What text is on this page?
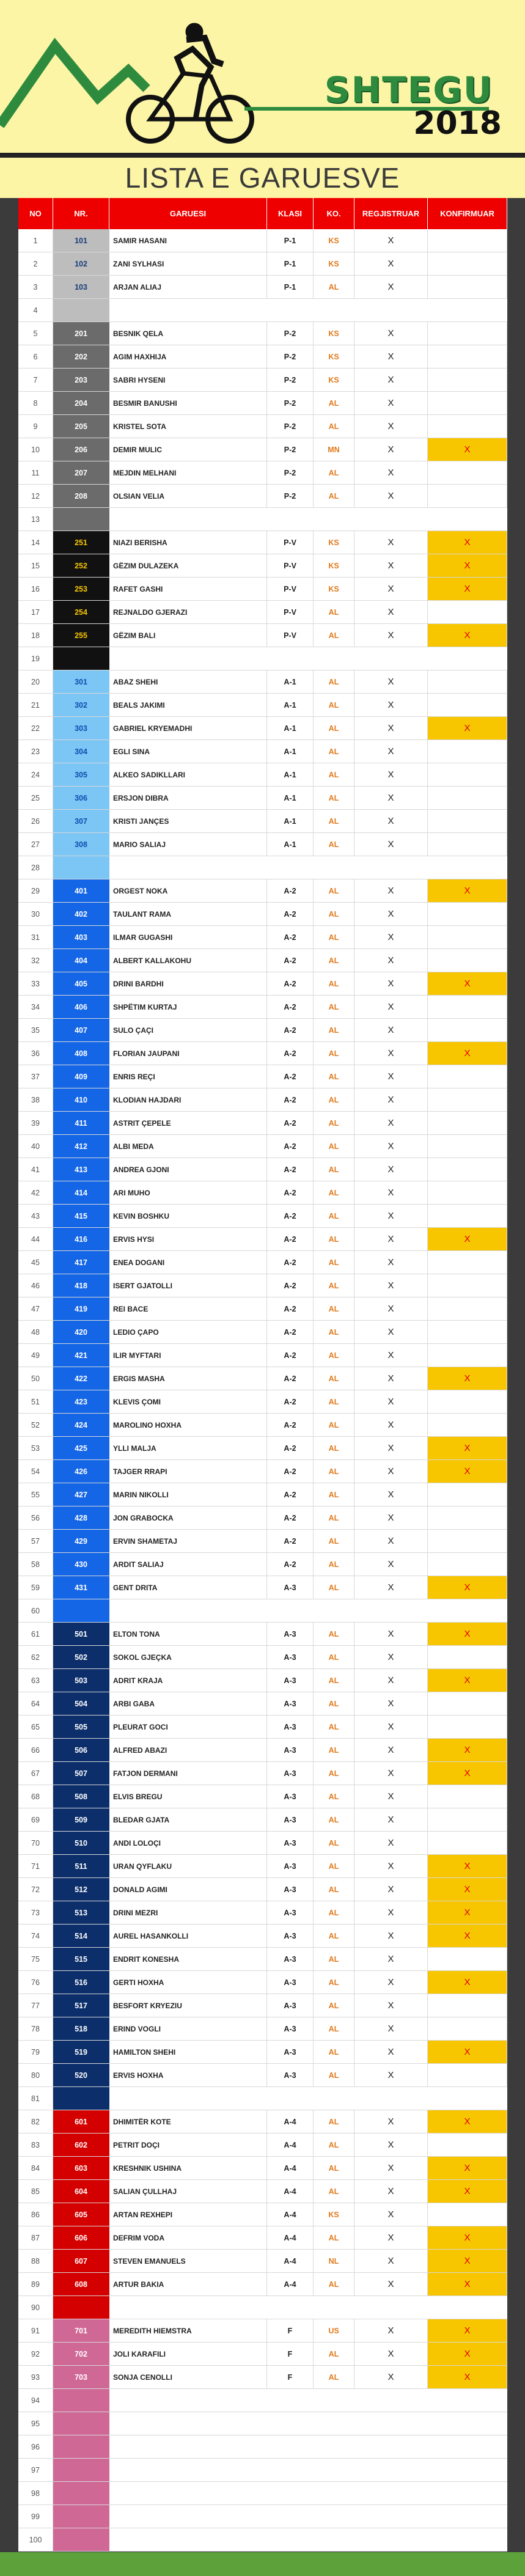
SHTEGU
2018
LISTA E GARUESVE
NO	NR.	GARUESI	KLASI	KO.	REGJISTRUAR	KONFIRMUAR
1	101	SAMIR HASANI	P-1	KS	X
2	102	ZANI SYLHASI	P-1	KS	X
3	103	ARJAN ALIAJ	P-1	AL	X
4
5	201	BESNIK QELA	P-2	KS	X
6	202	AGIM HAXHIJA	P-2	KS	X
7	203	SABRI HYSENI	P-2	KS	X
8	204	BESMIR BANUSHI	P-2	AL	X
9	205	KRISTEL SOTA	P-2	AL	X
10	206	DEMIR MULIC	P-2	MN	X	X
11	207	MEJDIN MELHANI	P-2	AL	X
12	208	OLSIAN VELIA	P-2	AL	X
13
14	251	NIAZI BERISHA	P-V	KS	X	X
15	252	GËZIM DULAZEKA	P-V	KS	X	X
16	253	RAFET GASHI	P-V	KS	X	X
17	254	REJNALDO GJERAZI	P-V	AL	X
18	255	GËZIM BALI	P-V	AL	X	X
19
20	301	ABAZ SHEHI	A-1	AL	X
21	302	BEALS JAKIMI	A-1	AL	X
22	303	GABRIEL KRYEMADHI	A-1	AL	X	X
23	304	EGLI SINA	A-1	AL	X
24	305	ALKEO SADIKLLARI	A-1	AL	X
25	306	ERSJON DIBRA	A-1	AL	X
26	307	KRISTI JANÇES	A-1	AL	X
27	308	MARIO SALIAJ	A-1	AL	X
28
29	401	ORGEST NOKA	A-2	AL	X	X
30	402	TAULANT RAMA	A-2	AL	X
31	403	ILMAR GUGASHI	A-2	AL	X
32	404	ALBERT KALLAKOHU	A-2	AL	X
33	405	DRINI BARDHI	A-2	AL	X	X
34	406	SHPËTIM KURTAJ	A-2	AL	X
35	407	SULO ÇAÇI	A-2	AL	X
36	408	FLORIAN JAUPANI	A-2	AL	X	X
37	409	ENRIS REÇI	A-2	AL	X
38	410	KLODIAN HAJDARI	A-2	AL	X
39	411	ASTRIT ÇEPELE	A-2	AL	X
40	412	ALBI MEDA	A-2	AL	X
41	413	ANDREA GJONI	A-2	AL	X
42	414	ARI MUHO	A-2	AL	X
43	415	KEVIN BOSHKU	A-2	AL	X
44	416	ERVIS HYSI	A-2	AL	X	X
45	417	ENEA DOGANI	A-2	AL	X
46	418	ISERT GJATOLLI	A-2	AL	X
47	419	REI BACE	A-2	AL	X
48	420	LEDIO ÇAPO	A-2	AL	X
49	421	ILIR MYFTARI	A-2	AL	X
50	422	ERGIS MASHA	A-2	AL	X	X
51	423	KLEVIS ÇOMI	A-2	AL	X
52	424	MAROLINO HOXHA	A-2	AL	X
53	425	YLLI MALJA	A-2	AL	X	X
54	426	TAJGER RRAPI	A-2	AL	X	X
55	427	MARIN NIKOLLI	A-2	AL	X
56	428	JON GRABOCKA	A-2	AL	X
57	429	ERVIN SHAMETAJ	A-2	AL	X
58	430	ARDIT SALIAJ	A-2	AL	X
59	431	GENT DRITA	A-3	AL	X	X
60
61	501	ELTON TONA	A-3	AL	X	X
62	502	SOKOL GJEÇKA	A-3	AL	X
63	503	ADRIT KRAJA	A-3	AL	X	X
64	504	ARBI GABA	A-3	AL	X
65	505	PLEURAT GOCI	A-3	AL	X
66	506	ALFRED ABAZI	A-3	AL	X	X
67	507	FATJON DERMANI	A-3	AL	X	X
68	508	ELVIS BREGU	A-3	AL	X
69	509	BLEDAR GJATA	A-3	AL	X
70	510	ANDI LOLOÇI	A-3	AL	X
71	511	URAN QYFLAKU	A-3	AL	X	X
72	512	DONALD AGIMI	A-3	AL	X	X
73	513	DRINI MEZRI	A-3	AL	X	X
74	514	AUREL HASANKOLLI	A-3	AL	X	X
75	515	ENDRIT KONESHA	A-3	AL	X
76	516	GERTI HOXHA	A-3	AL	X	X
77	517	BESFORT KRYEZIU	A-3	AL	X
78	518	ERIND VOGLI	A-3	AL	X
79	519	HAMILTON SHEHI	A-3	AL	X	X
80	520	ERVIS HOXHA	A-3	AL	X
81
82	601	DHIMITËR KOTE	A-4	AL	X	X
83	602	PETRIT DOÇI	A-4	AL	X
84	603	KRESHNIK USHINA	A-4	AL	X	X
85	604	SALIAN ÇULLHAJ	A-4	AL	X	X
86	605	ARTAN REXHEPI	A-4	KS	X
87	606	DEFRIM VODA	A-4	AL	X	X
88	607	STEVEN EMANUELS	A-4	NL	X	X
89	608	ARTUR BAKIA	A-4	AL	X	X
90
91	701	MEREDITH HIEMSTRA	F	US	X	X
92	702	JOLI KARAFILI	F	AL	X	X
93	703	SONJA CENOLLI	F	AL	X	X
94
95
96
97
98
99
100
